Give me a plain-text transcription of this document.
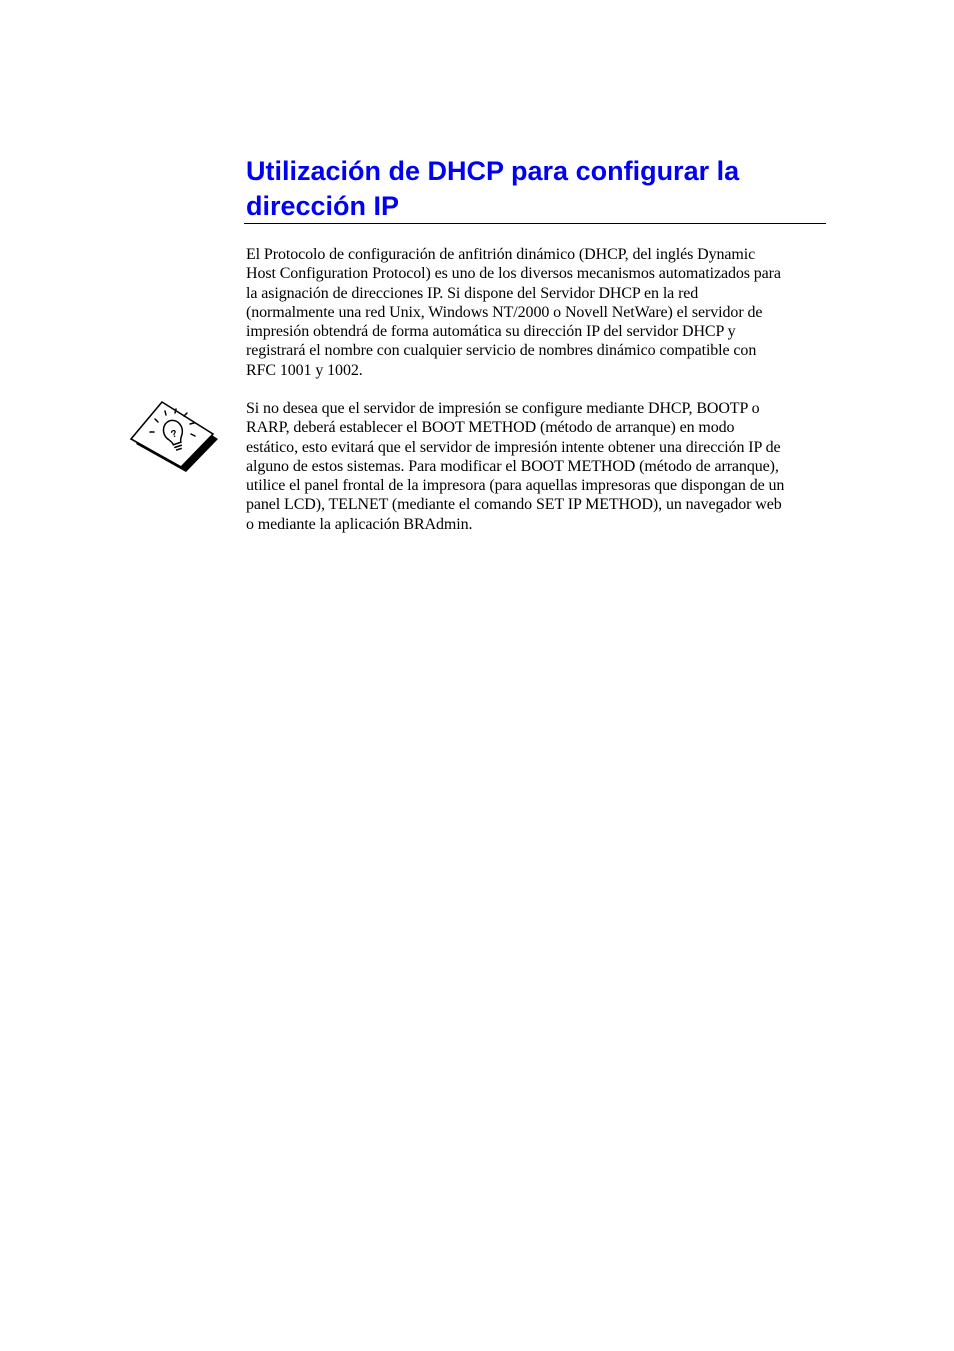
Utilización de DHCP para configurar la
dirección IP

El Protocolo de configuración de anfitrión dinámico (DHCP, del inglés Dynamic
Host Configuration Protocol) es uno de los diversos mecanismos automatizados para
la asignación de direcciones IP. Si dispone del Servidor DHCP en la red
(normalmente una red Unix, Windows NT/2000 o Novell NetWare) el servidor de
impresión obtendrá de forma automática su dirección IP del servidor DHCP y
registrará el nombre con cualquier servicio de nombres dinámico compatible con
RFC 1001 y 1002.

?

Si no desea que el servidor de impresión se configure mediante DHCP, BOOTP o
RARP, deberá establecer el BOOT METHOD (método de arranque) en modo
estático, esto evitará que el servidor de impresión intente obtener una dirección IP de
alguno de estos sistemas. Para modificar el BOOT METHOD (método de arranque),
utilice el panel frontal de la impresora (para aquellas impresoras que dispongan de un
panel LCD), TELNET (mediante el comando SET IP METHOD), un navegador web
o mediante la aplicación BRAdmin.
